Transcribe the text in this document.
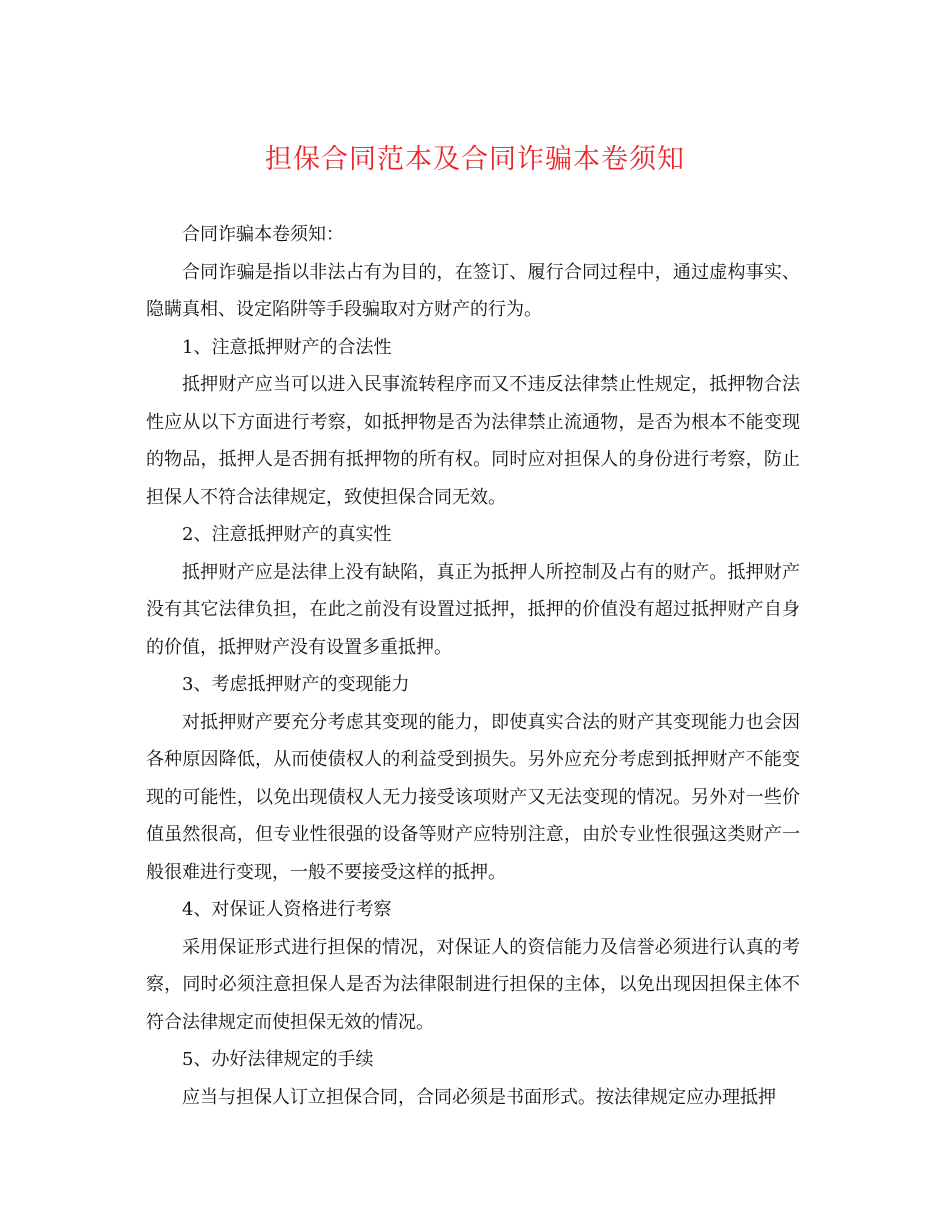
担保合同范本及合同诈骗本卷须知

合同诈骗本卷须知：

合同诈骗是指以非法占有为目的，在签订、履行合同过程中，通过虚构事实、隐瞒真相、设定陷阱等手段骗取对方财产的行为。

1、注意抵押财产的合法性

抵押财产应当可以进入民事流转程序而又不违反法律禁止性规定，抵押物合法性应从以下方面进行考察，如抵押物是否为法律禁止流通物，是否为根本不能变现的物品，抵押人是否拥有抵押物的所有权。同时应对担保人的身份进行考察，防止担保人不符合法律规定，致使担保合同无效。

2、注意抵押财产的真实性

抵押财产应是法律上没有缺陷，真正为抵押人所控制及占有的财产。抵押财产没有其它法律负担，在此之前没有设置过抵押，抵押的价值没有超过抵押财产自身的价值，抵押财产没有设置多重抵押。

3、考虑抵押财产的变现能力

对抵押财产要充分考虑其变现的能力，即使真实合法的财产其变现能力也会因各种原因降低，从而使债权人的利益受到损失。另外应充分考虑到抵押财产不能变现的可能性，以免出现债权人无力接受该项财产又无法变现的情况。另外对一些价值虽然很高，但专业性很强的设备等财产应特别注意，由於专业性很强这类财产一般很难进行变现，一般不要接受这样的抵押。

4、对保证人资格进行考察

采用保证形式进行担保的情况，对保证人的资信能力及信誉必须进行认真的考察，同时必须注意担保人是否为法律限制进行担保的主体，以免出现因担保主体不符合法律规定而使担保无效的情况。

5、办好法律规定的手续

应当与担保人订立担保合同，合同必须是书面形式。按法律规定应办理抵押
